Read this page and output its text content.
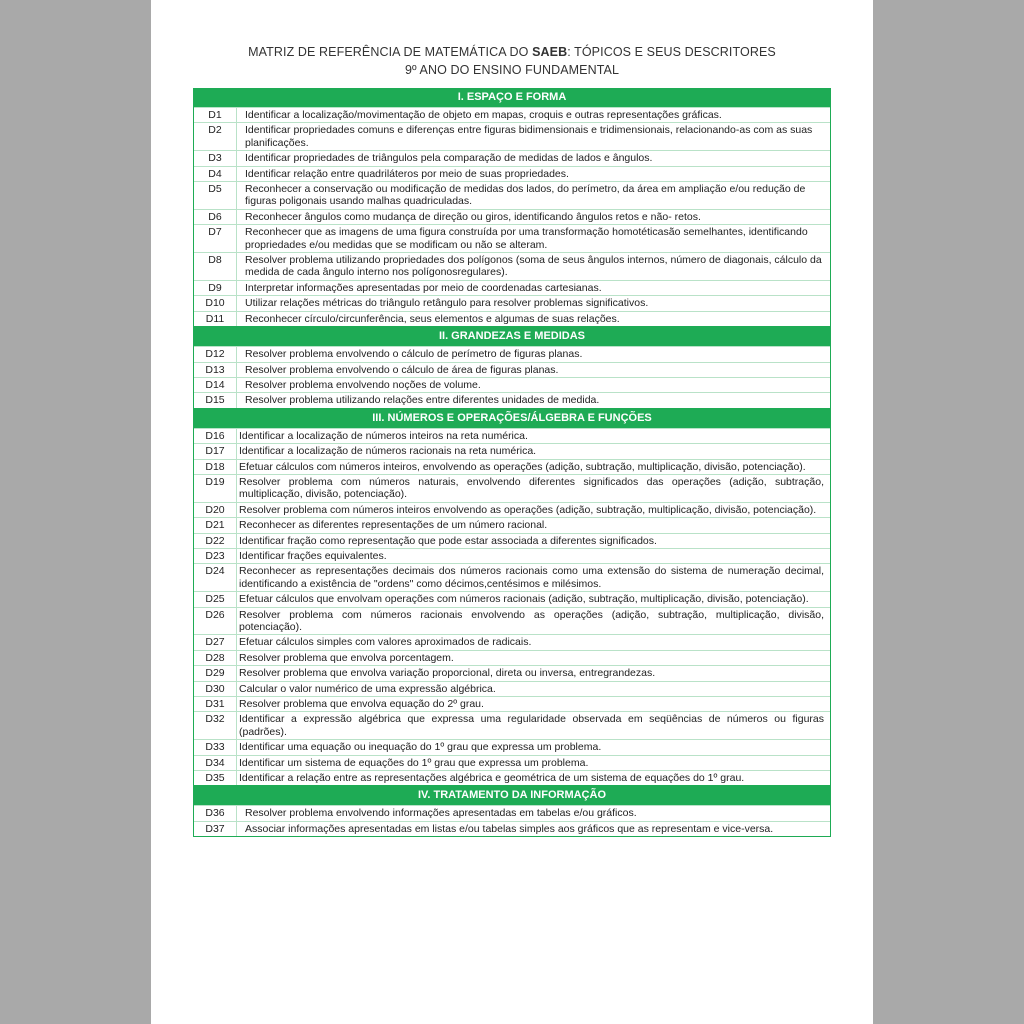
MATRIZ DE REFERÊNCIA DE MATEMÁTICA DO SAEB: TÓPICOS E SEUS DESCRITORES
9º ANO DO ENSINO FUNDAMENTAL
I. ESPAÇO E FORMA
D1	Identificar a localização/movimentação de objeto em mapas, croquis e outras representações gráficas.
D2	Identificar propriedades comuns e diferenças entre figuras bidimensionais e tridimensionais, relacionando-as com as suas planificações.
D3	Identificar propriedades de triângulos pela comparação de medidas de lados e ângulos.
D4	Identificar relação entre quadriláteros por meio de suas propriedades.
D5	Reconhecer a conservação ou modificação de medidas dos lados, do perímetro, da área em ampliação e/ou redução de figuras poligonais usando malhas quadriculadas.
D6	Reconhecer ângulos como mudança de direção ou giros, identificando ângulos retos e não- retos.
D7	Reconhecer que as imagens de uma figura construída por uma transformação homotéticasão semelhantes, identificando propriedades e/ou medidas que se modificam ou não se alteram.
D8	Resolver problema utilizando propriedades dos polígonos (soma de seus ângulos internos, número de diagonais, cálculo da medida de cada ângulo interno nos polígonosregulares).
D9	Interpretar informações apresentadas por meio de coordenadas cartesianas.
D10	Utilizar relações métricas do triângulo retângulo para resolver problemas significativos.
D11	Reconhecer círculo/circunferência, seus elementos e algumas de suas relações.
II. GRANDEZAS E MEDIDAS
D12	Resolver problema envolvendo o cálculo de perímetro de figuras planas.
D13	Resolver problema envolvendo o cálculo de área de figuras planas.
D14	Resolver problema envolvendo noções de volume.
D15	Resolver problema utilizando relações entre diferentes unidades de medida.
III. NÚMEROS E OPERAÇÕES/ÁLGEBRA E FUNÇÕES
D16	Identificar a localização de números inteiros na reta numérica.
D17	Identificar a localização de números racionais na reta numérica.
D18	Efetuar cálculos com números inteiros, envolvendo as operações (adição, subtração, multiplicação, divisão, potenciação).
D19	Resolver problema com números naturais, envolvendo diferentes significados das operações (adição, subtração, multiplicação, divisão, potenciação).
D20	Resolver problema com números inteiros envolvendo as operações (adição, subtração, multiplicação, divisão, potenciação).
D21	Reconhecer as diferentes representações de um número racional.
D22	Identificar fração como representação que pode estar associada a diferentes significados.
D23	Identificar frações equivalentes.
D24	Reconhecer as representações decimais dos números racionais como uma extensão do sistema de numeração decimal, identificando a existência de "ordens" como décimos,centésimos e milésimos.
D25	Efetuar cálculos que envolvam operações com números racionais (adição, subtração, multiplicação, divisão, potenciação).
D26	Resolver problema com números racionais envolvendo as operações (adição, subtração, multiplicação, divisão, potenciação).
D27	Efetuar cálculos simples com valores aproximados de radicais.
D28	Resolver problema que envolva porcentagem.
D29	Resolver problema que envolva variação proporcional, direta ou inversa, entregrandezas.
D30	Calcular o valor numérico de uma expressão algébrica.
D31	Resolver problema que envolva equação do 2º grau.
D32	Identificar a expressão algébrica que expressa uma regularidade observada em seqüências de números ou figuras (padrões).
D33	Identificar uma equação ou inequação do 1º grau que expressa um problema.
D34	Identificar um sistema de equações do 1º grau que expressa um problema.
D35	Identificar a relação entre as representações algébrica e geométrica de um sistema de equações do 1º grau.
IV. TRATAMENTO DA INFORMAÇÃO
D36	Resolver problema envolvendo informações apresentadas em tabelas e/ou gráficos.
D37	Associar informações apresentadas em listas e/ou tabelas simples aos gráficos que as representam e vice-versa.
